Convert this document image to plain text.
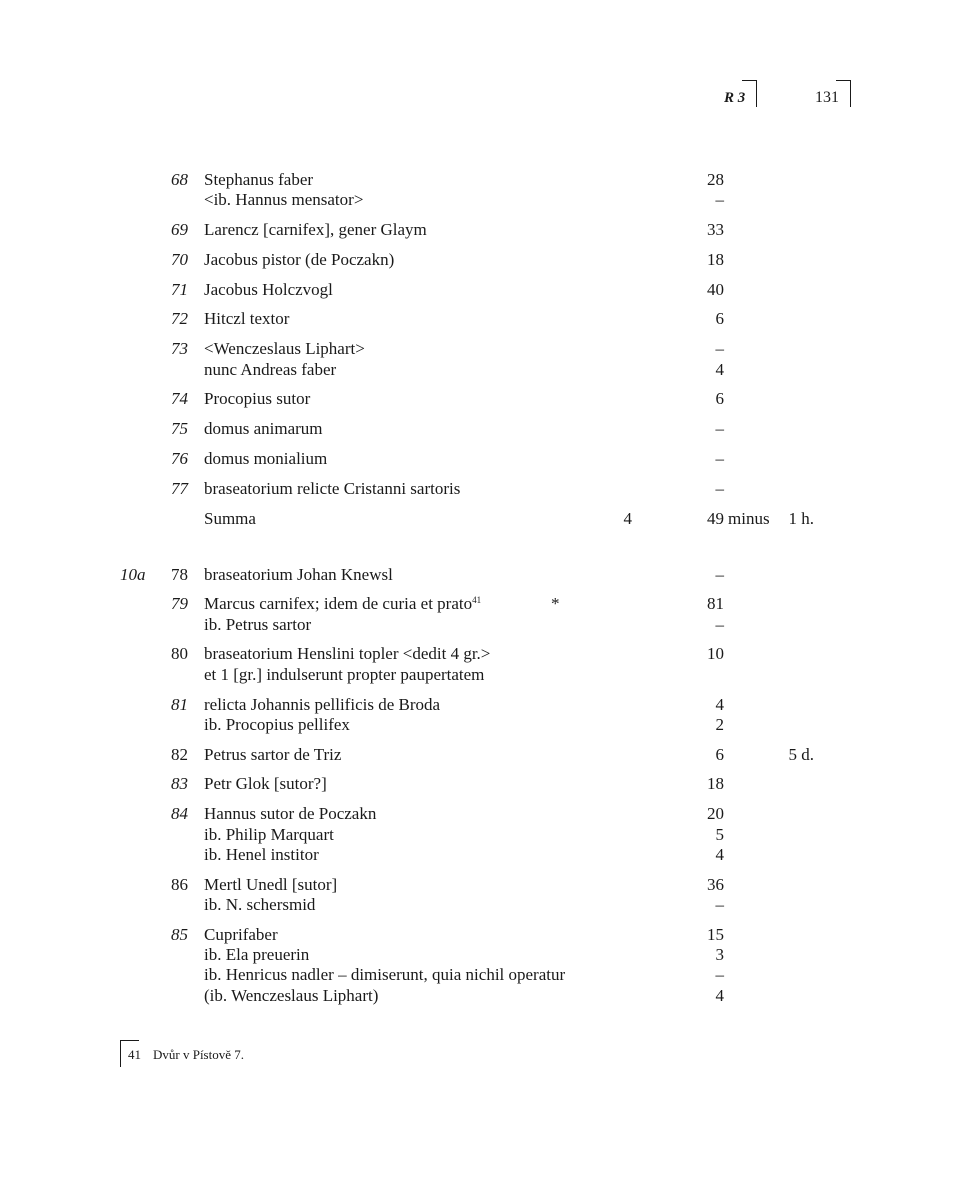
R 3	131
68 Stephanus faber	28
<ib. Hannus mensator>	–
69 Larencz [carnifex], gener Glaym	33
70 Jacobus pistor (de Poczakn)	18
71 Jacobus Holczvogl	40
72 Hitczl textor	6
73 <Wenczeslaus Liphart>	–
nunc Andreas faber	4
74 Procopius sutor	6
75 domus animarum	–
76 domus monialium	–
77 braseatorium relicte Cristanni sartoris	–
Summa	4	49 minus	1 h.
10a	78 braseatorium Johan Knewsl	–
79 Marcus carnifex; idem de curia et prato$^{41}$	*	81
ib. Petrus sartor	–
80 braseatorium Henslini topler <dedit 4 gr.>	10
et 1 [gr.] indulserunt propter paupertatem
81 relicta Johannis pellificis de Broda	4
ib. Procopius pellifex	2
82 Petrus sartor de Triz	6	5 d.
83 Petr Glok [sutor?]	18
84 Hannus sutor de Poczakn	20
ib. Philip Marquart	5
ib. Henel institor	4
86 Mertl Unedl [sutor]	36
ib. N. schersmid	–
85 Cuprifaber	15
ib. Ela preuerin	3
ib. Henricus nadler – dimiserunt, quia nichil operatur	–
(ib. Wenczeslaus Liphart)	4
41 Dvůr v Pístově 7.
